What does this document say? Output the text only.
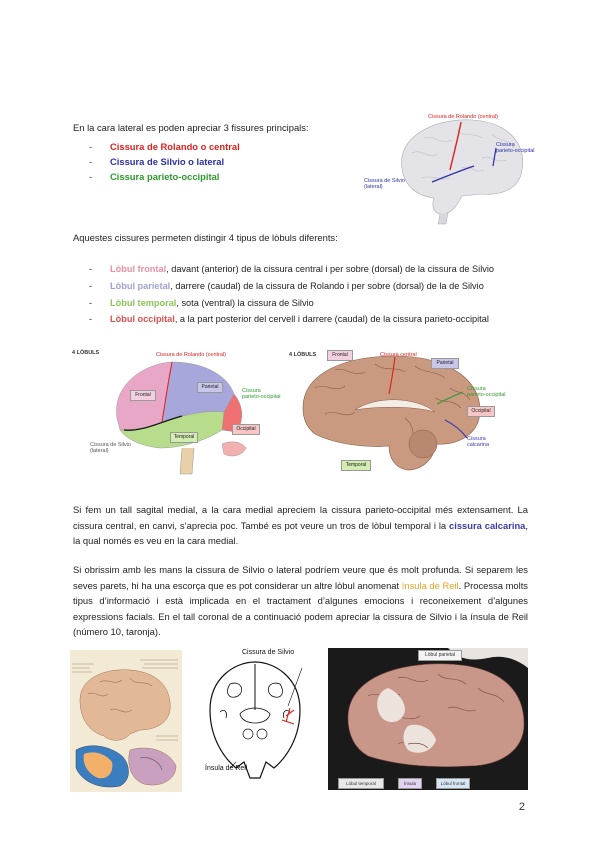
En la cara lateral es poden apreciar 3 fissures principals:
- Cissura de Rolando o central
- Cissura de Silvio o lateral
- Cissura parieto-occipital
Cissura de Rolando (central)
Cissura
parieto-occipital
Cissura de Silvio
(lateral)
Aquestes cissures permeten distingir 4 tipus de lòbuls diferents:
- Lòbul frontal, davant (anterior) de la cissura central i per sobre (dorsal) de la cissura de Silvio
- Lòbul parietal, darrere (caudal) de la cissura de Rolando i per sobre (dorsal) de la de Silvio
- Lòbul temporal, sota (ventral) la cissura de Silvio
- Lòbul occipital, a la part posterior del cervell i darrere (caudal) de la cissura parieto-occipital
4 LÒBULS	Cissura de Rolando (central)
Frontal
Parietal
Temporal
Occipital
Cissura
parieto-occipital
Cissura de Silvio
(lateral)
4 LÒBULS	Frontal	Cissura central
Parietal
Cissura
parieto-occipital
Occipital
Cissura
calcarina
Temporal
Si fem un tall sagital medial, a la cara medial apreciem la cissura parieto-occipital més extensament. La cissura central, en canvi, s’aprecia poc. També es pot veure un tros de lòbul temporal i la cissura calcarina, la qual només es veu en la cara medial.
Si obrissim amb les mans la cissura de Silvio o lateral podríem veure que és molt profunda. Si separem les seves parets, hi ha una escorça que es pot considerar un altre lòbul anomenat ínsula de Reil. Processa molts tipus d’informació i està implicada en el tractament d’algunes emocions i reconeixement d’algunes expressions facials. En el tall coronal de a continuació podem apreciar la cissura de Silvio i la ínsula de Reil (número 10, taronja).
Cissura de Silvio
Ínsula de Reil
Lòbul parietal
Lòbul temporal	Ínsula	Lòbul frontal
2
